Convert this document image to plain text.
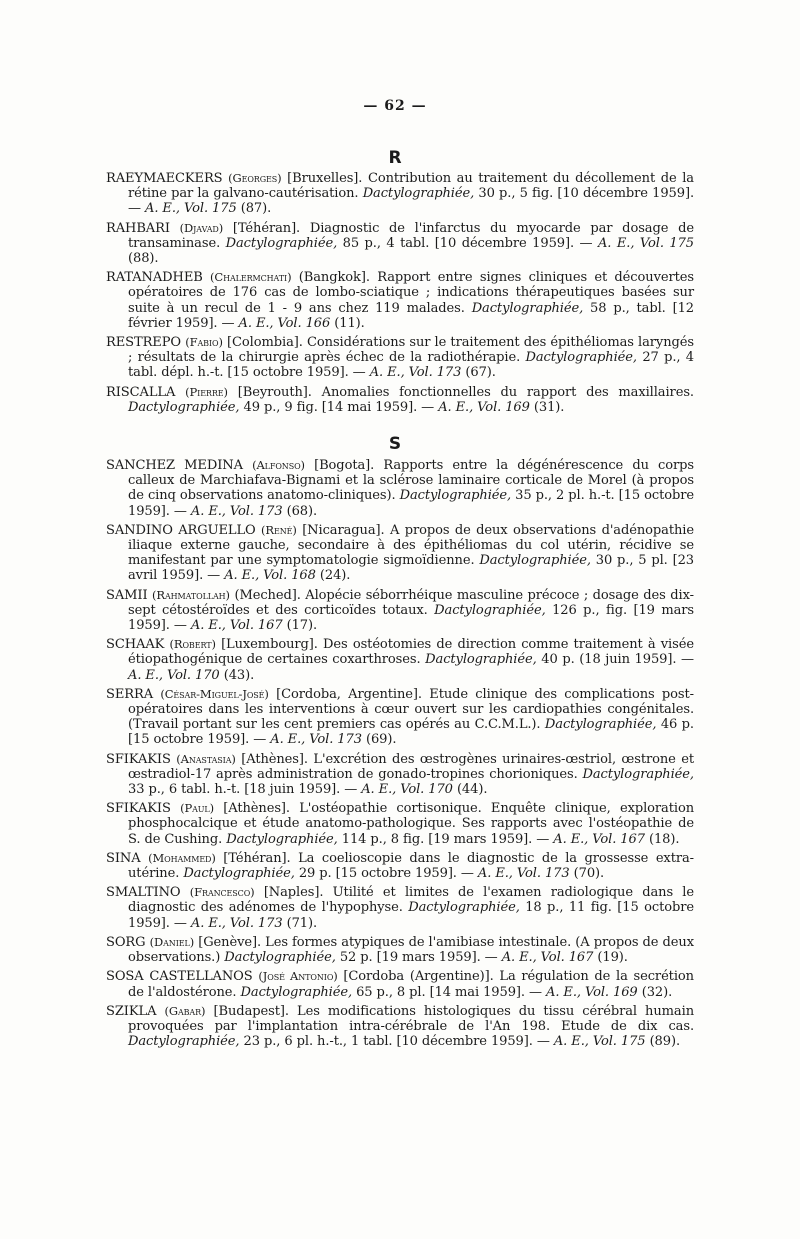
— 62 —
R

RAEYMAECKERS (Georges) [Bruxelles]. Contribution au traitement du décollement de la rétine par la galvano-cautérisation. Dactylographiée, 30 p., 5 fig. [10 décembre 1959]. — A. E., Vol. 175 (87).

RAHBARI (Djavad) [Téhéran]. Diagnostic de l'infarctus du myocarde par dosage de transaminase. Dactylographiée, 85 p., 4 tabl. [10 décembre 1959]. — A. E., Vol. 175 (88).

RATANADHEB (Chalermchati) (Bangkok]. Rapport entre signes cliniques et découvertes opératoires de 176 cas de lombo-sciatique ; indications thérapeutiques basées sur suite à un recul de 1 - 9 ans chez 119 malades. Dactylographiée, 58 p., tabl. [12 février 1959]. — A. E., Vol. 166 (11).

RESTREPO (Fabio) [Colombia]. Considérations sur le traitement des épithéliomas laryngés ; résultats de la chirurgie après échec de la radiothérapie. Dactylographiée, 27 p., 4 tabl. dépl. h.-t. [15 octobre 1959]. — A. E., Vol. 173 (67).

RISCALLA (Pierre) [Beyrouth]. Anomalies fonctionnelles du rapport des maxillaires. Dactylographiée, 49 p., 9 fig. [14 mai 1959]. — A. E., Vol. 169 (31).

S

SANCHEZ MEDINA (Alfonso) [Bogota]. Rapports entre la dégénérescence du corps calleux de Marchiafava-Bignami et la sclérose laminaire corticale de Morel (à propos de cinq observations anatomo-cliniques). Dactylographiée, 35 p., 2 pl. h.-t. [15 octobre 1959]. — A. E., Vol. 173 (68).

SANDINO ARGUELLO (René) [Nicaragua]. A propos de deux observations d'adénopathie iliaque externe gauche, secondaire à des épithéliomas du col utérin, récidive se manifestant par une symptomatologie sigmoïdienne. Dactylographiée, 30 p., 5 pl. [23 avril 1959]. — A. E., Vol. 168 (24).

SAMII (Rahmatollah) (Meched]. Alopécie séborrhéique masculine précoce ; dosage des dix-sept cétostéroïdes et des corticoïdes totaux. Dactylographiée, 126 p., fig. [19 mars 1959]. — A. E., Vol. 167 (17).

SCHAAK (Robert) [Luxembourg]. Des ostéotomies de direction comme traitement à visée étiopathogénique de certaines coxarthroses. Dactylographiée, 40 p. (18 juin 1959]. — A. E., Vol. 170 (43).

SERRA (César-Miguel-José) [Cordoba, Argentine]. Etude clinique des complications post-opératoires dans les interventions à cœur ouvert sur les cardiopathies congénitales. (Travail portant sur les cent premiers cas opérés au C.C.M.L.). Dactylographiée, 46 p. [15 octobre 1959]. — A. E., Vol. 173 (69).

SFIKAKIS (Anastasia) [Athènes]. L'excrétion des œstrogènes urinaires-œstriol, œstrone et œstradiol-17 après administration de gonado-tropines chorioniques. Dactylographiée, 33 p., 6 tabl. h.-t. [18 juin 1959]. — A. E., Vol. 170 (44).

SFIKAKIS (Paul) [Athènes]. L'ostéopathie cortisonique. Enquête clinique, exploration phosphocalcique et étude anatomo-pathologique. Ses rapports avec l'ostéopathie de S. de Cushing. Dactylographiée, 114 p., 8 fig. [19 mars 1959]. — A. E., Vol. 167 (18).

SINA (Mohammed) [Téhéran]. La coelioscopie dans le diagnostic de la grossesse extra-utérine. Dactylographiée, 29 p. [15 octobre 1959]. — A. E., Vol. 173 (70).

SMALTINO (Francesco) [Naples]. Utilité et limites de l'examen radiologique dans le diagnostic des adénomes de l'hypophyse. Dactylographiée, 18 p., 11 fig. [15 octobre 1959]. — A. E., Vol. 173 (71).

SORG (Daniel) [Genève]. Les formes atypiques de l'amibiase intestinale. (A propos de deux observations.) Dactylographiée, 52 p. [19 mars 1959]. — A. E., Vol. 167 (19).

SOSA CASTELLANOS (José Antonio) [Cordoba (Argentine)]. La régulation de la secrétion de l'aldostérone. Dactylographiée, 65 p., 8 pl. [14 mai 1959]. — A. E., Vol. 169 (32).

SZIKLA (Gabar) [Budapest]. Les modifications histologiques du tissu cérébral humain provoquées par l'implantation intra-cérébrale de l'An 198. Etude de dix cas. Dactylographiée, 23 p., 6 pl. h.-t., 1 tabl. [10 décembre 1959]. — A. E., Vol. 175 (89).
